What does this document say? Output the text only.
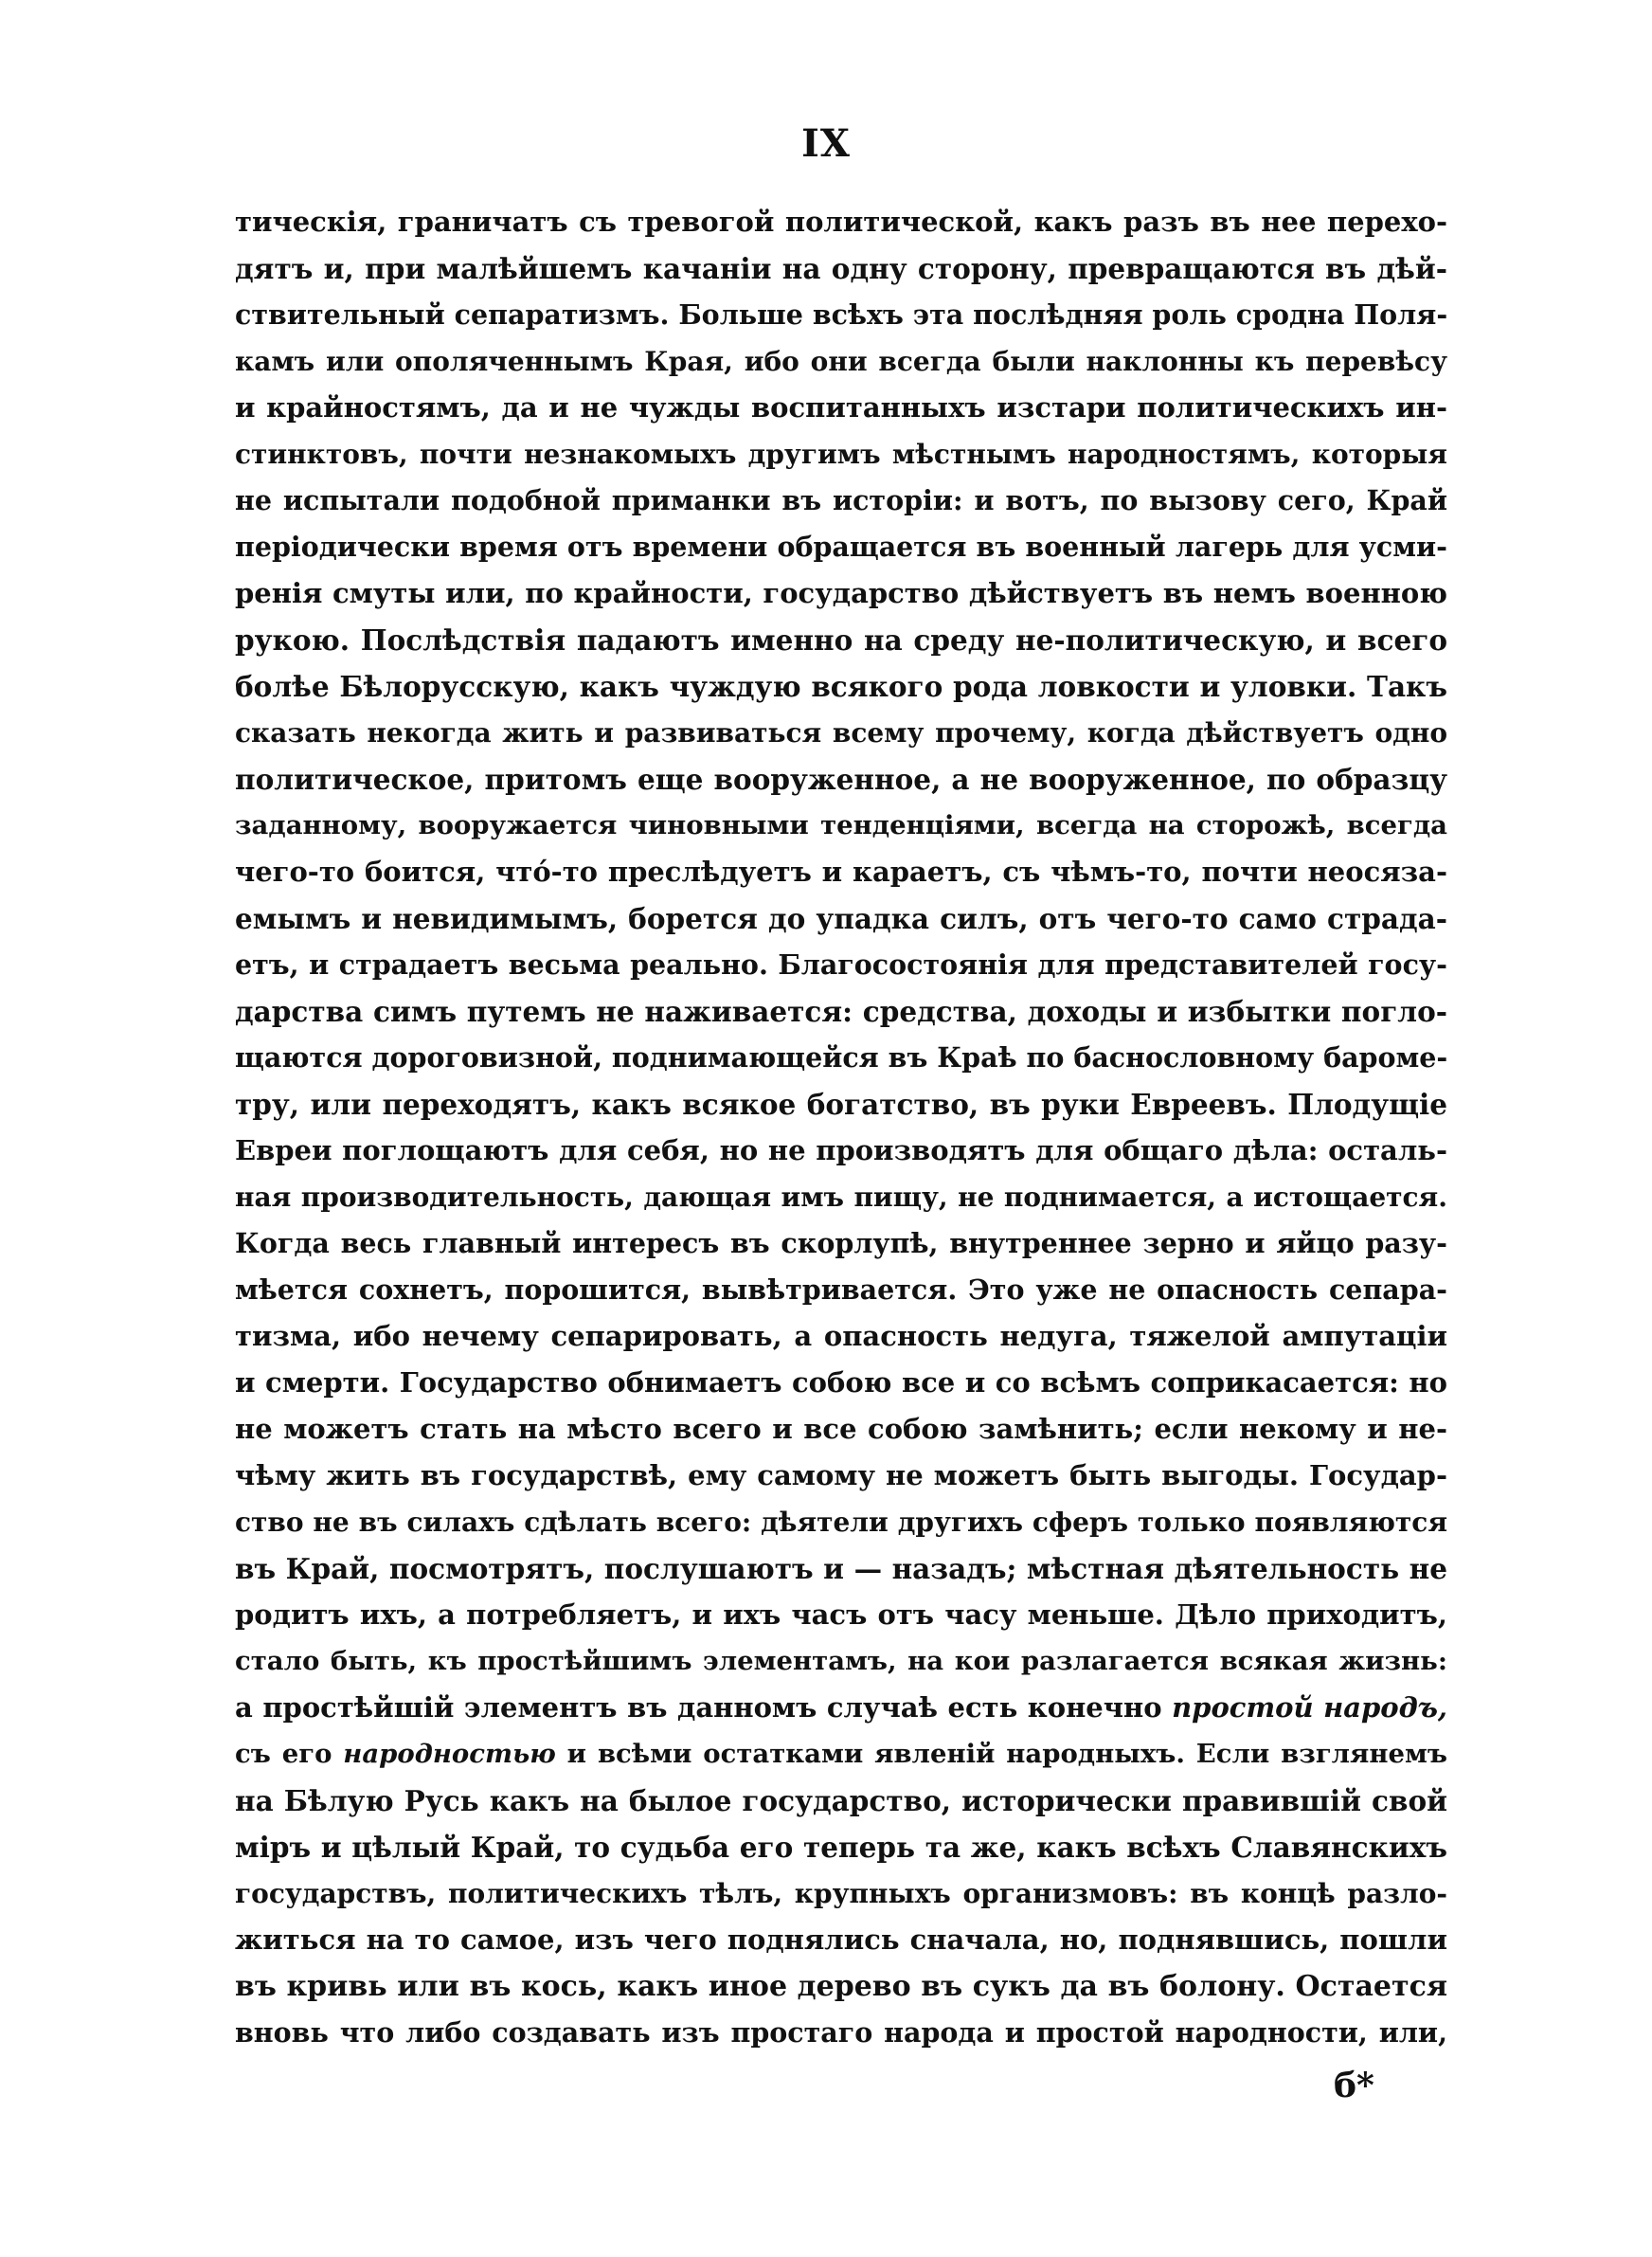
IX
тическія, граничатъ съ тревогой политической, какъ разъ въ нее перехо-
дятъ и, при малѣйшемъ качаніи на одну сторону, превращаются въ дѣй-
ствительный сепаратизмъ. Больше всѣхъ эта послѣдняя роль сродна Поля-
камъ или ополяченнымъ Края, ибо они всегда были наклонны къ перевѣсу
и крайностямъ, да и не чужды воспитанныхъ изстари политическихъ ин-
стинктовъ, почти незнакомыхъ другимъ мѣстнымъ народностямъ, которыя
не испытали подобной приманки въ исторіи: и вотъ, по вызову сего, Край
періодически время отъ времени обращается въ военный лагерь для усми-
ренія смуты или, по крайности, государство дѣйствуетъ въ немъ военною
рукою. Послѣдствія падаютъ именно на среду не-политическую, и всего
болѣе Бѣлорусскую, какъ чуждую всякого рода ловкости и уловки. Такъ
сказать некогда жить и развиваться всему прочему, когда дѣйствуетъ одно
политическое, притомъ еще вооруженное, а не вооруженное, по образцу
заданному, вооружается чиновными тенденціями, всегда на сторожѣ, всегда
чего-то боится, чтó-то преслѣдуетъ и караетъ, съ чѣмъ-то, почти неосяза-
емымъ и невидимымъ, борется до упадка силъ, отъ чего-то само страда-
етъ, и страдаетъ весьма реально. Благосостоянія для представителей госу-
дарства симъ путемъ не наживается: средства, доходы и избытки погло-
щаются дороговизной, поднимающейся въ Краѣ по баснословному бароме-
тру, или переходятъ, какъ всякое богатство, въ руки Евреевъ. Плодущіе
Евреи поглощаютъ для себя, но не производятъ для общаго дѣла: осталь-
ная производительность, дающая имъ пищу, не поднимается, а истощается.
Когда весь главный интересъ въ скорлупѣ, внутреннее зерно и яйцо разу-
мѣется сохнетъ, порошится, вывѣтривается. Это уже не опасность сепара-
тизма, ибо нечему сепарировать, а опасность недуга, тяжелой ампутаціи
и смерти. Государство обнимаетъ собою все и со всѣмъ соприкасается: но
не можетъ стать на мѣсто всего и все собою замѣнить; если некому и не-
чѣму жить въ государствѣ, ему самому не можетъ быть выгоды. Государ-
ство не въ силахъ сдѣлать всего: дѣятели другихъ сферъ только появляются
въ Край, посмотрятъ, послушаютъ и — назадъ; мѣстная дѣятельность не
родитъ ихъ, а потребляетъ, и ихъ часъ отъ часу меньше. Дѣло приходитъ,
стало быть, къ простѣйшимъ элементамъ, на кои разлагается всякая жизнь:
а простѣйшій элементъ въ данномъ случаѣ есть конечно простой народъ,
съ его народностью и всѣми остатками явленій народныхъ. Если взглянемъ
на Бѣлую Русь какъ на былое государство, исторически правившій свой
міръ и цѣлый Край, то судьба его теперь та же, какъ всѣхъ Славянскихъ
государствъ, политическихъ тѣлъ, крупныхъ организмовъ: въ концѣ разло-
житься на то самое, изъ чего поднялись сначала, но, поднявшись, пошли
въ кривь или въ кось, какъ иное дерево въ сукъ да въ болону. Остается
вновь что либо создавать изъ простаго народа и простой народности, или,
б*
